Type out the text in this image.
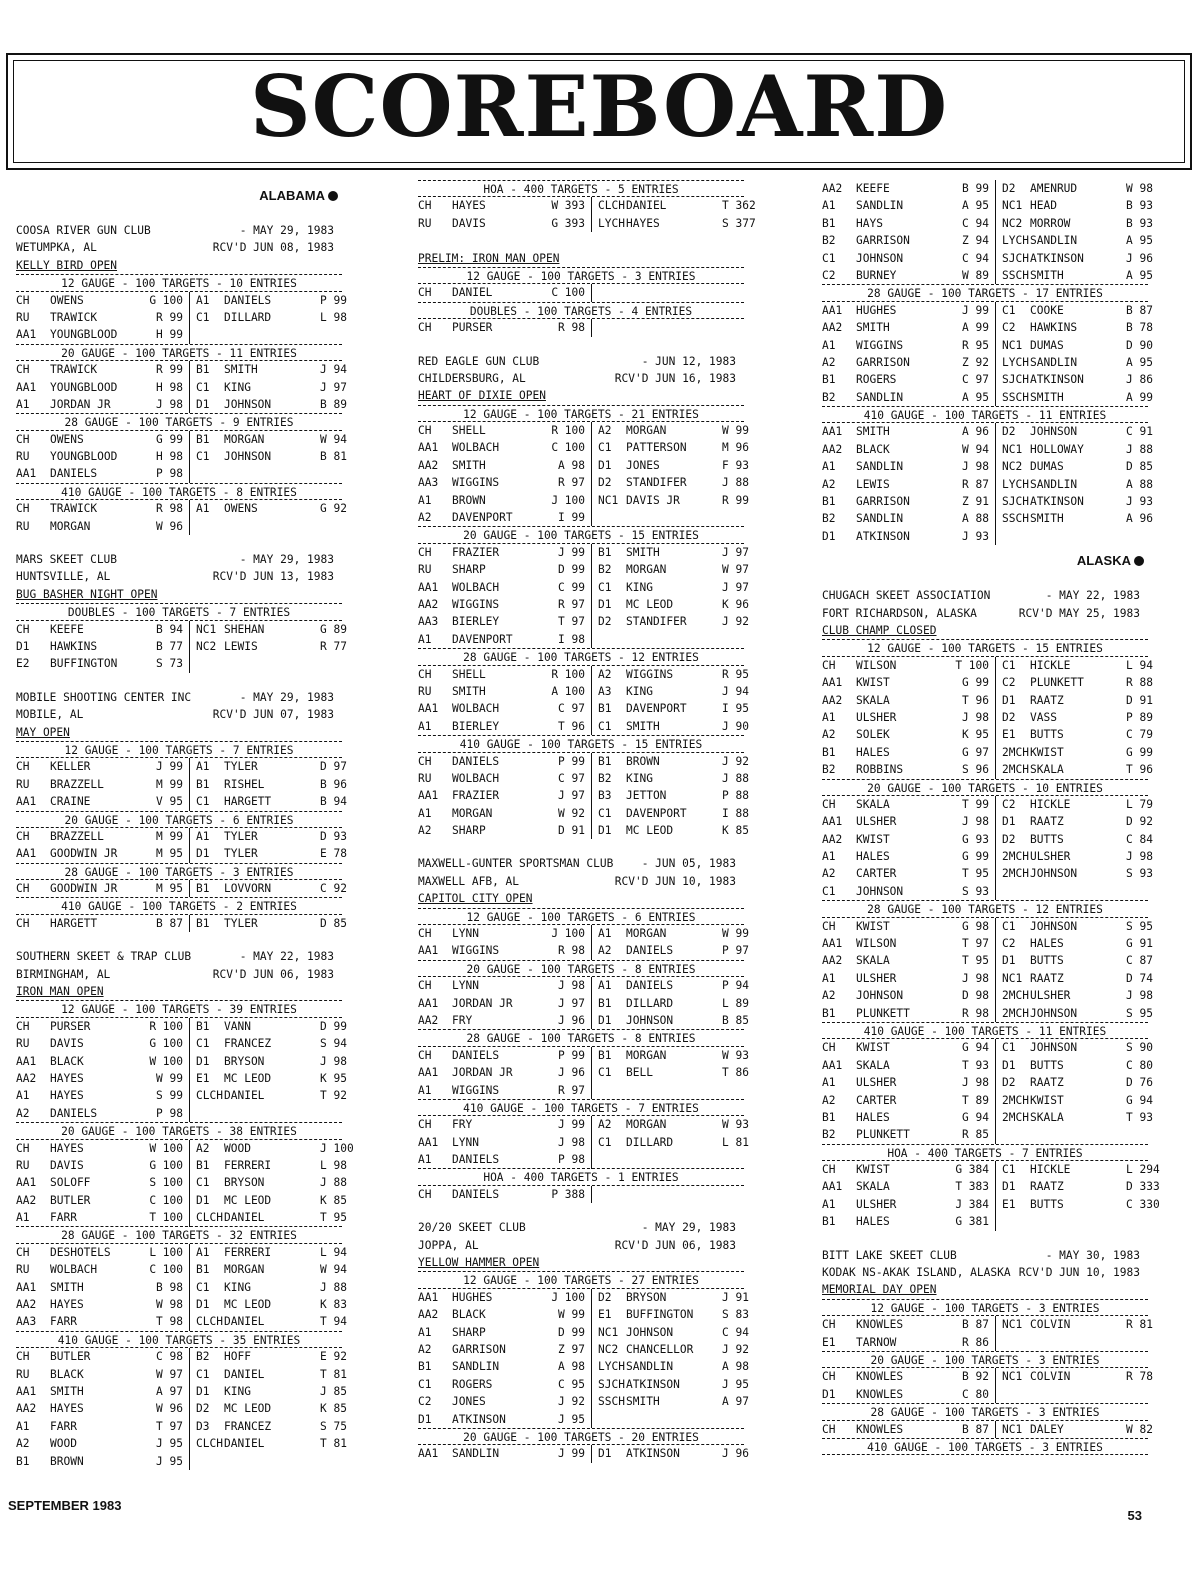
SCOREBOARD
ALABAMA
COOSA RIVER GUN CLUB	- MAY 29, 1983
WETUMPKA, AL	RCV'D JUN 08, 1983
KELLY BIRD OPEN
12 GAUGE - 100 TARGETS - 10 ENTRIES
CH	OWENS	G 100	A1	DANIELS	P 99
RU	TRAWICK	R 99	C1	DILLARD	L 98
AA1	YOUNGBLOOD	H 99
20 GAUGE - 100 TARGETS - 11 ENTRIES
CH	TRAWICK	R 99	B1	SMITH	J 94
AA1	YOUNGBLOOD	H 98	C1	KING	J 97
A1	JORDAN JR	J 98	D1	JOHNSON	B 89
28 GAUGE - 100 TARGETS - 9 ENTRIES
CH	OWENS	G 99	B1	MORGAN	W 94
RU	YOUNGBLOOD	H 98	C1	JOHNSON	B 81
AA1	DANIELS	P 98
410 GAUGE - 100 TARGETS - 8 ENTRIES
CH	TRAWICK	R 98	A1	OWENS	G 92
RU	MORGAN	W 96
MARS SKEET CLUB	- MAY 29, 1983
HUNTSVILLE, AL	RCV'D JUN 13, 1983
BUG BASHER NIGHT OPEN
DOUBLES - 100 TARGETS - 7 ENTRIES
CH	KEEFE	B 94	NC1 SHEHAN	G 89
D1	HAWKINS	B 77	NC2 LEWIS	R 77
E2	BUFFINGTON	S 73
MOBILE SHOOTING CENTER INC	- MAY 29, 1983
MOBILE, AL	RCV'D JUN 07, 1983
MAY OPEN
12 GAUGE - 100 TARGETS - 7 ENTRIES
CH	KELLER	J 99	A1	TYLER	D 97
RU	BRAZZELL	M 99	B1	RISHEL	B 96
AA1	CRAINE	V 95	C1	HARGETT	B 94
20 GAUGE - 100 TARGETS - 6 ENTRIES
CH	BRAZZELL	M 99	A1	TYLER	D 93
AA1	GOODWIN JR	M 95	D1	TYLER	E 78
28 GAUGE - 100 TARGETS - 3 ENTRIES
CH	GOODWIN JR	M 95	B1	LOVVORN	C 92
410 GAUGE - 100 TARGETS - 2 ENTRIES
CH	HARGETT	B 87	B1	TYLER	D 85
SOUTHERN SKEET & TRAP CLUB	- MAY 22, 1983
BIRMINGHAM, AL	RCV'D JUN 06, 1983
IRON MAN OPEN
12 GAUGE - 100 TARGETS - 39 ENTRIES
CH	PURSER	R 100	B1	VANN	D 99
RU	DAVIS	G 100	C1	FRANCEZ	S 94
AA1	BLACK	W 100	D1	BRYSON	J 98
AA2	HAYES	W 99	E1	MC LEOD	K 95
A1	HAYES	S 99	CLCH DANIEL	T 92
A2	DANIELS	P 98
20 GAUGE - 100 TARGETS - 38 ENTRIES
CH	HAYES	W 100	A2	WOOD	J 100
RU	DAVIS	G 100	B1	FERRERI	L 98
AA1	SOLOFF	S 100	C1	BRYSON	J 88
AA2	BUTLER	C 100	D1	MC LEOD	K 85
A1	FARR	T 100	CLCH DANIEL	T 95
28 GAUGE - 100 TARGETS - 32 ENTRIES
CH	DESHOTELS	L 100	A1	FERRERI	L 94
RU	WOLBACH	C 100	B1	MORGAN	W 94
AA1	SMITH	B 98	C1	KING	J 88
AA2	HAYES	W 98	D1	MC LEOD	K 83
AA3	FARR	T 98	CLCH DANIEL	T 94
410 GAUGE - 100 TARGETS - 35 ENTRIES
CH	BUTLER	C 98	B2	HOFF	E 92
RU	BLACK	W 97	C1	DANIEL	T 81
AA1	SMITH	A 97	D1	KING	J 85
AA2	HAYES	W 96	D2	MC LEOD	K 85
A1	FARR	T 97	D3	FRANCEZ	S 75
A2	WOOD	J 95	CLCH DANIEL	T 81
B1	BROWN	J 95
HOA - 400 TARGETS - 5 ENTRIES
CH	HAYES	W 393	CLCH DANIEL	T 362
RU	DAVIS	G 393	LYCH HAYES	S 377
PRELIM: IRON MAN OPEN
12 GAUGE - 100 TARGETS - 3 ENTRIES
CH	DANIEL	C 100
DOUBLES - 100 TARGETS - 4 ENTRIES
CH	PURSER	R 98
RED EAGLE GUN CLUB	- JUN 12, 1983
CHILDERSBURG, AL	RCV'D JUN 16, 1983
HEART OF DIXIE OPEN
12 GAUGE - 100 TARGETS - 21 ENTRIES
CH	SHELL	R 100	A2	MORGAN	W 99
AA1	WOLBACH	C 100	C1	PATTERSON	M 96
AA2	SMITH	A 98	D1	JONES	F 93
AA3	WIGGINS	R 97	D2	STANDIFER	J 88
A1	BROWN	J 100	NC1 DAVIS JR	R 99
A2	DAVENPORT	I 99
20 GAUGE - 100 TARGETS - 15 ENTRIES
CH	FRAZIER	J 99	B1	SMITH	J 97
RU	SHARP	D 99	B2	MORGAN	W 97
AA1	WOLBACH	C 99	C1	KING	J 97
AA2	WIGGINS	R 97	D1	MC LEOD	K 96
AA3	BIERLEY	T 97	D2	STANDIFER	J 92
A1	DAVENPORT	I 98
28 GAUGE - 100 TARGETS - 12 ENTRIES
CH	SHELL	R 100	A2	WIGGINS	R 95
RU	SMITH	A 100	A3	KING	J 94
AA1	WOLBACH	C 97	B1	DAVENPORT	I 95
A1	BIERLEY	T 96	C1	SMITH	J 90
410 GAUGE - 100 TARGETS - 15 ENTRIES
CH	DANIELS	P 99	B1	BROWN	J 92
RU	WOLBACH	C 97	B2	KING	J 88
AA1	FRAZIER	J 97	B3	JETTON	P 88
A1	MORGAN	W 92	C1	DAVENPORT	I 88
A2	SHARP	D 91	D1	MC LEOD	K 85
MAXWELL-GUNTER SPORTSMAN CLUB	- JUN 05, 1983
MAXWELL AFB, AL	RCV'D JUN 10, 1983
CAPITOL CITY OPEN
12 GAUGE - 100 TARGETS - 6 ENTRIES
CH	LYNN	J 100	A1	MORGAN	W 99
AA1	WIGGINS	R 98	A2	DANIELS	P 97
20 GAUGE - 100 TARGETS - 8 ENTRIES
CH	LYNN	J 98	A1	DANIELS	P 94
AA1	JORDAN JR	J 97	B1	DILLARD	L 89
AA2	FRY	J 96	D1	JOHNSON	B 85
28 GAUGE - 100 TARGETS - 8 ENTRIES
CH	DANIELS	P 99	B1	MORGAN	W 93
AA1	JORDAN JR	J 96	C1	BELL	T 86
A1	WIGGINS	R 97
410 GAUGE - 100 TARGETS - 7 ENTRIES
CH	FRY	J 99	A2	MORGAN	W 93
AA1	LYNN	J 98	C1	DILLARD	L 81
A1	DANIELS	P 98
HOA - 400 TARGETS - 1 ENTRIES
CH	DANIELS	P 388
20/20 SKEET CLUB	- MAY 29, 1983
JOPPA, AL	RCV'D JUN 06, 1983
YELLOW HAMMER OPEN
12 GAUGE - 100 TARGETS - 27 ENTRIES
AA1	HUGHES	J 100	D2	BRYSON	J 91
AA2	BLACK	W 99	E1	BUFFINGTON	S 83
A1	SHARP	D 99	NC1 JOHNSON	C 94
A2	GARRISON	Z 97	NC2 CHANCELLOR	J 92
B1	SANDLIN	A 98	LYCH SANDLIN	A 98
C1	ROGERS	C 95	SJCH ATKINSON	J 95
C2	JONES	J 92	SSCH SMITH	A 97
D1	ATKINSON	J 95
20 GAUGE - 100 TARGETS - 20 ENTRIES
AA1	SANDLIN	J 99	D1	ATKINSON	J 96
AA2	KEEFE	B 99	D2	AMENRUD	W 98
A1	SANDLIN	A 95	NC1 HEAD	B 93
B1	HAYS	C 94	NC2 MORROW	B 93
B2	GARRISON	Z 94	LYCH SANDLIN	A 95
C1	JOHNSON	C 94	SJCH ATKINSON	J 96
C2	BURNEY	W 89	SSCH SMITH	A 95
28 GAUGE - 100 TARGETS - 17 ENTRIES
AA1	HUGHES	J 99	C1	COOKE	B 87
AA2	SMITH	A 99	C2	HAWKINS	B 78
A1	WIGGINS	R 95	NC1 DUMAS	D 90
A2	GARRISON	Z 92	LYCH SANDLIN	A 95
B1	ROGERS	C 97	SJCH ATKINSON	J 86
B2	SANDLIN	A 95	SSCH SMITH	A 99
410 GAUGE - 100 TARGETS - 11 ENTRIES
AA1	SMITH	A 96	D2	JOHNSON	C 91
AA2	BLACK	W 94	NC1 HOLLOWAY	J 88
A1	SANDLIN	J 98	NC2 DUMAS	D 85
A2	LEWIS	R 87	LYCH SANDLIN	A 88
B1	GARRISON	Z 91	SJCH ATKINSON	J 93
B2	SANDLIN	A 88	SSCH SMITH	A 96
D1	ATKINSON	J 93
ALASKA
CHUGACH SKEET ASSOCIATION	- MAY 22, 1983
FORT RICHARDSON, ALASKA	RCV'D MAY 25, 1983
CLUB CHAMP CLOSED
12 GAUGE - 100 TARGETS - 15 ENTRIES
CH	WILSON	T 100	C1	HICKLE	L 94
AA1	KWIST	G 99	C2	PLUNKETT	R 88
AA2	SKALA	T 96	D1	RAATZ	D 91
A1	ULSHER	J 98	D2	VASS	P 89
A2	SOLEK	K 95	E1	BUTTS	C 79
B1	HALES	G 97	2MCH KWIST	G 99
B2	ROBBINS	S 96	2MCH SKALA	T 96
20 GAUGE - 100 TARGETS - 10 ENTRIES
CH	SKALA	T 99	C2	HICKLE	L 79
AA1	ULSHER	J 98	D1	RAATZ	D 92
AA2	KWIST	G 93	D2	BUTTS	C 84
A1	HALES	G 99	2MCH ULSHER	J 98
A2	CARTER	T 95	2MCH JOHNSON	S 93
C1	JOHNSON	S 93
28 GAUGE - 100 TARGETS - 12 ENTRIES
CH	KWIST	G 98	C1	JOHNSON	S 95
AA1	WILSON	T 97	C2	HALES	G 91
AA2	SKALA	T 95	D1	BUTTS	C 87
A1	ULSHER	J 98	NC1 RAATZ	D 74
A2	JOHNSON	D 98	2MCH ULSHER	J 98
B1	PLUNKETT	R 98	2MCH JOHNSON	S 95
410 GAUGE - 100 TARGETS - 11 ENTRIES
CH	KWIST	G 94	C1	JOHNSON	S 90
AA1	SKALA	T 93	D1	BUTTS	C 80
A1	ULSHER	J 98	D2	RAATZ	D 76
A2	CARTER	T 89	2MCH KWIST	G 94
B1	HALES	G 94	2MCH SKALA	T 93
B2	PLUNKETT	R 85
HOA - 400 TARGETS - 7 ENTRIES
CH	KWIST	G 384	C1	HICKLE	L 294
AA1	SKALA	T 383	D1	RAATZ	D 333
A1	ULSHER	J 384	E1	BUTTS	C 330
B1	HALES	G 381
BITT LAKE SKEET CLUB	- MAY 30, 1983
KODAK NS-AKAK ISLAND, ALASKA RCV'D JUN 10, 1983
MEMORIAL DAY OPEN
12 GAUGE - 100 TARGETS - 3 ENTRIES
CH	KNOWLES	B 87	NC1 COLVIN	R 81
E1	TARNOW	R 86
20 GAUGE - 100 TARGETS - 3 ENTRIES
CH	KNOWLES	B 92	NC1 COLVIN	R 78
D1	KNOWLES	C 80
28 GAUGE - 100 TARGETS - 3 ENTRIES
CH	KNOWLES	B 87	NC1 DALEY	W 82
410 GAUGE - 100 TARGETS - 3 ENTRIES
SEPTEMBER 1983
53
